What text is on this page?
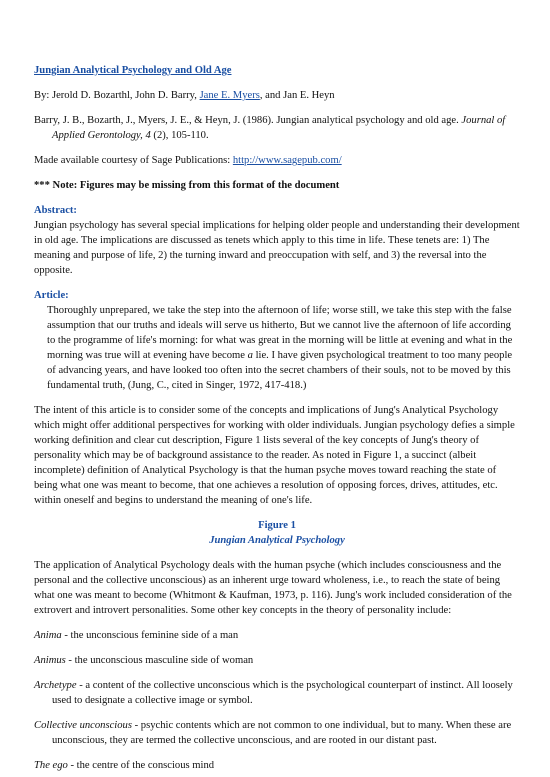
Jungian Analytical Psychology and Old Age

By: Jerold D. Bozarthl, John D. Barry, Jane E. Myers, and Jan E. Heyn

Barry, J. B., Bozarth, J., Myers, J. E., & Heyn, J. (1986). Jungian analytical psychology and old age. Journal of Applied Gerontology, 4 (2), 105-110.

Made available courtesy of Sage Publications: http://www.sagepub.com/

*** Note: Figures may be missing from this format of the document

Abstract:

Jungian psychology has several special implications for helping older people and understanding their development in old age. The implications are discussed as tenets which apply to this time in life. These tenets are: 1) The meaning and purpose of life, 2) the turning inward and preoccupation with self, and 3) the reversal into the opposite.

Article:

Thoroughly unprepared, we take the step into the afternoon of life; worse still, we take this step with the false assumption that our truths and ideals will serve us hitherto, But we cannot live the afternoon of life according to the programme of life's morning: for what was great in the morning will be little at evening and what in the morning was true will at evening have become a lie. I have given psychological treatment to too many people of advancing years, and have looked too often into the secret chambers of their souls, not to be moved by this fundamental truth, (Jung, C., cited in Singer, 1972, 417-418.)

The intent of this article is to consider some of the concepts and implications of Jung's Analytical Psychology which might offer additional perspectives for working with older individuals. Jungian psychology defies a simple working definition and clear cut description, Figure 1 lists several of the key concepts of Jung's theory of personality which may be of background assistance to the reader. As noted in Figure 1, a succinct (albeit incomplete) definition of Analytical Psychology is that the human psyche moves toward reaching the state of being what one was meant to become, that one achieves a resolution of opposing forces, drives, attitudes, etc. within oneself and begins to understand the meaning of one's life.

Figure 1

Jungian Analytical Psychology

The application of Analytical Psychology deals with the human psyche (which includes consciousness and the personal and the collective unconscious) as an inherent urge toward wholeness, i.e., to reach the state of being what one was meant to become (Whitmont & Kaufman, 1973, p. 116). Jung's work included consideration of the extrovert and introvert personalities. Some other key concepts in the theory of personality include:

Anima - the unconscious feminine side of a man

Animus - the unconscious masculine side of woman

Archetype - a content of the collective unconscious which is the psychological counterpart of instinct. All loosely used to designate a collective image or symbol.

Collective unconscious - psychic contents which are not common to one individual, but to many. When these are unconscious, they are termed the collective unconscious, and are rooted in our distant past.

The ego - the centre of the conscious mind
